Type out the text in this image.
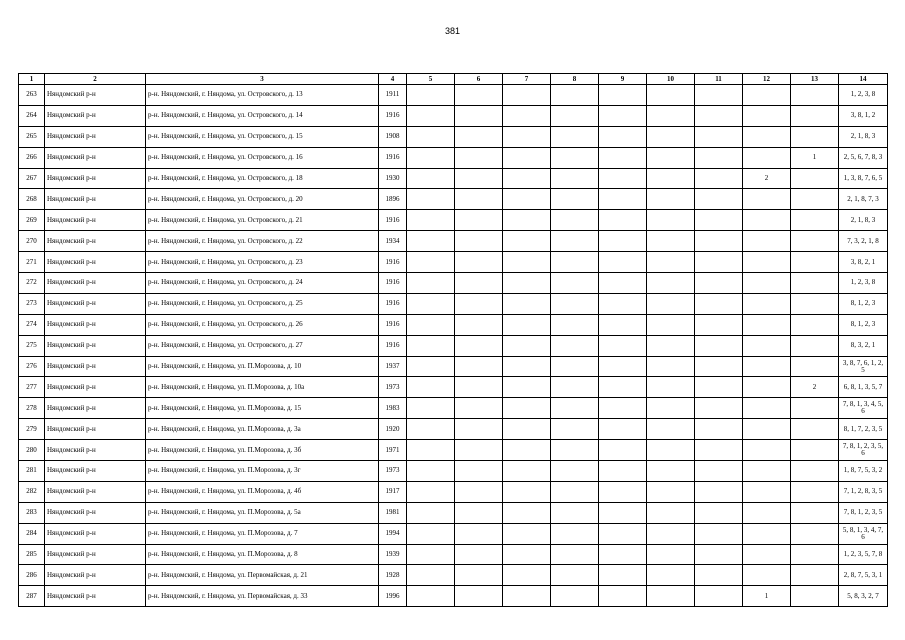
381
1	2	3	4	5	6	7	8	9	10	11	12	13	14
263	Няндомский р-н	р-н. Няндомский, г. Няндома, ул. Островского, д. 13	1911										1, 2, 3, 8
264	Няндомский р-н	р-н. Няндомский, г. Няндома, ул. Островского, д. 14	1916										3, 8, 1, 2
265	Няндомский р-н	р-н. Няндомский, г. Няндома, ул. Островского, д. 15	1908										2, 1, 8, 3
266	Няндомский р-н	р-н. Няндомский, г. Няндома, ул. Островского, д. 16	1916									1	2, 5, 6, 7, 8, 3
267	Няндомский р-н	р-н. Няндомский, г. Няндома, ул. Островского, д. 18	1930								2		1, 3, 8, 7, 6, 5
268	Няндомский р-н	р-н. Няндомский, г. Няндома, ул. Островского, д. 20	1896										2, 1, 8, 7, 3
269	Няндомский р-н	р-н. Няндомский, г. Няндома, ул. Островского, д. 21	1916										2, 1, 8, 3
270	Няндомский р-н	р-н. Няндомский, г. Няндома, ул. Островского, д. 22	1934										7, 3, 2, 1, 8
271	Няндомский р-н	р-н. Няндомский, г. Няндома, ул. Островского, д. 23	1916										3, 8, 2, 1
272	Няндомский р-н	р-н. Няндомский, г. Няндома, ул. Островского, д. 24	1916										1, 2, 3, 8
273	Няндомский р-н	р-н. Няндомский, г. Няндома, ул. Островского, д. 25	1916										8, 1, 2, 3
274	Няндомский р-н	р-н. Няндомский, г. Няндома, ул. Островского, д. 26	1916										8, 1, 2, 3
275	Няндомский р-н	р-н. Няндомский, г. Няндома, ул. Островского, д. 27	1916										8, 3, 2, 1
276	Няндомский р-н	р-н. Няндомский, г. Няндома, ул. П.Морозова, д. 10	1937										3, 8, 7, 6, 1, 2, 5
277	Няндомский р-н	р-н. Няндомский, г. Няндома, ул. П.Морозова, д. 10а	1973									2	6, 8, 1, 3, 5, 7
278	Няндомский р-н	р-н. Няндомский, г. Няндома, ул. П.Морозова, д. 15	1983										7, 8, 1, 3, 4, 5, 6
279	Няндомский р-н	р-н. Няндомский, г. Няндома, ул. П.Морозова, д. 3а	1920										8, 1, 7, 2, 3, 5
280	Няндомский р-н	р-н. Няндомский, г. Няндома, ул. П.Морозова, д. 3б	1971										7, 8, 1, 2, 3, 5, 6
281	Няндомский р-н	р-н. Няндомский, г. Няндома, ул. П.Морозова, д. 3г	1973										1, 8, 7, 5, 3, 2
282	Няндомский р-н	р-н. Няндомский, г. Няндома, ул. П.Морозова, д. 4б	1917										7, 1, 2, 8, 3, 5
283	Няндомский р-н	р-н. Няндомский, г. Няндома, ул. П.Морозова, д. 5а	1981										7, 8, 1, 2, 3, 5
284	Няндомский р-н	р-н. Няндомский, г. Няндома, ул. П.Морозова, д. 7	1994										5, 8, 1, 3, 4, 7, 6
285	Няндомский р-н	р-н. Няндомский, г. Няндома, ул. П.Морозова, д. 8	1939										1, 2, 3, 5, 7, 8
286	Няндомский р-н	р-н. Няндомский, г. Няндома, ул. Первомайская, д. 21	1928										2, 8, 7, 5, 3, 1
287	Няндомский р-н	р-н. Няндомский, г. Няндома, ул. Первомайская, д. 33	1996								1		5, 8, 3, 2, 7
